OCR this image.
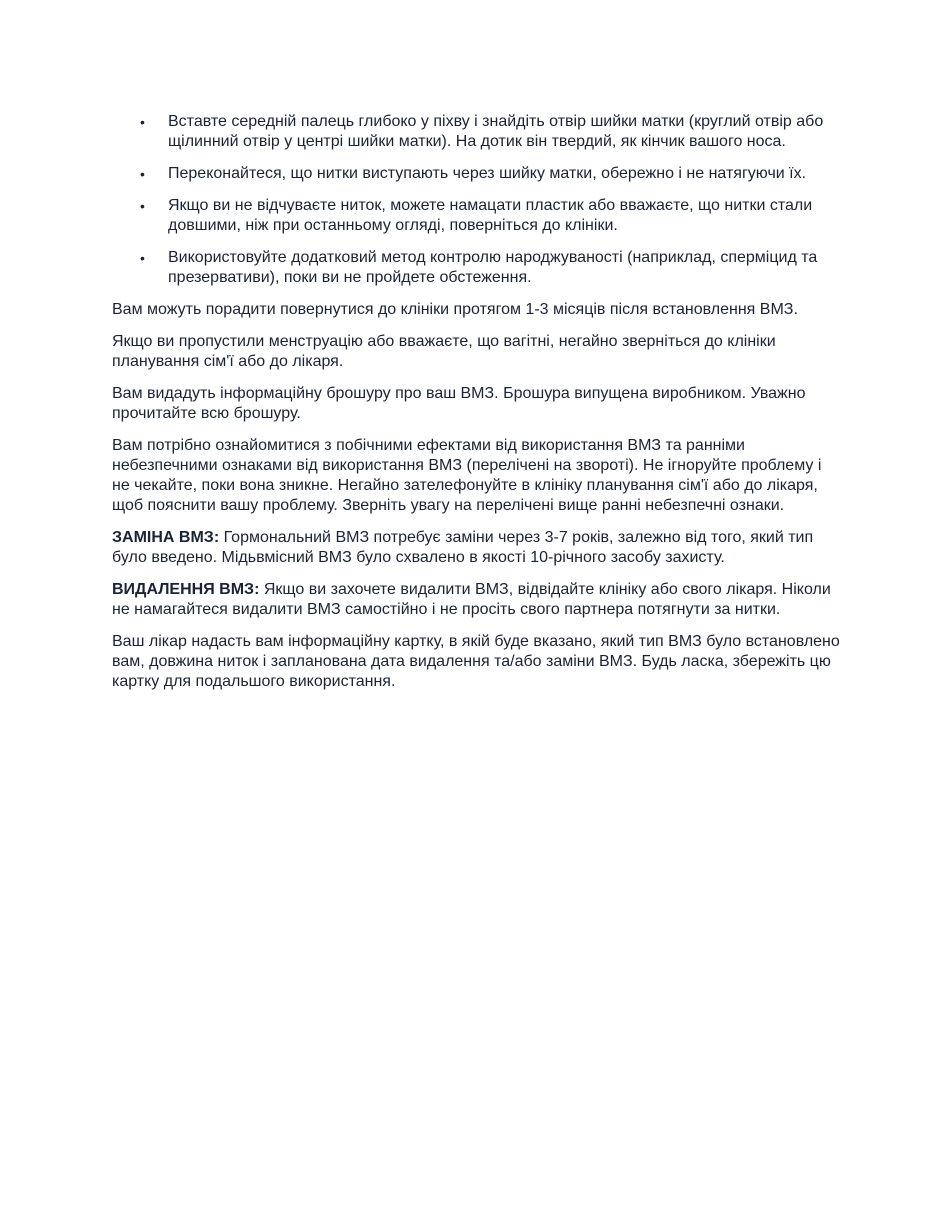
• Вставте середній палець глибоко у піхву і знайдіть отвір шийки матки (круглий отвір або щілинний отвір у центрі шийки матки). На дотик він твердий, як кінчик вашого носа.
• Переконайтеся, що нитки виступають через шийку матки, обережно і не натягуючи їх.
• Якщо ви не відчуваєте ниток, можете намацати пластик або вважаєте, що нитки стали довшими, ніж при останньому огляді, поверніться до клініки.
• Використовуйте додатковий метод контролю народжуваності (наприклад, сперміцид та презервативи), поки ви не пройдете обстеження.

Вам можуть порадити повернутися до клініки протягом 1-3 місяців після встановлення ВМЗ.

Якщо ви пропустили менструацію або вважаєте, що вагітні, негайно зверніться до клініки планування сім'ї або до лікаря.

Вам видадуть інформаційну брошуру про ваш ВМЗ. Брошура випущена виробником. Уважно прочитайте всю брошуру.

Вам потрібно ознайомитися з побічними ефектами від використання ВМЗ та ранніми небезпечними ознаками від використання ВМЗ (перелічені на звороті). Не ігноруйте проблему і не чекайте, поки вона зникне. Негайно зателефонуйте в клініку планування сім'ї або до лікаря, щоб пояснити вашу проблему. Зверніть увагу на перелічені вище ранні небезпечні ознаки.

ЗАМІНА ВМЗ: Гормональний ВМЗ потребує заміни через 3-7 років, залежно від того, який тип було введено. Мідьвмісний ВМЗ було схвалено в якості 10-річного засобу захисту.

ВИДАЛЕННЯ ВМЗ: Якщо ви захочете видалити ВМЗ, відвідайте клініку або свого лікаря. Ніколи не намагайтеся видалити ВМЗ самостійно і не просіть свого партнера потягнути за нитки.

Ваш лікар надасть вам інформаційну картку, в якій буде вказано, який тип ВМЗ було встановлено вам, довжина ниток і запланована дата видалення та/або заміни ВМЗ. Будь ласка, збережіть цю картку для подальшого використання.
